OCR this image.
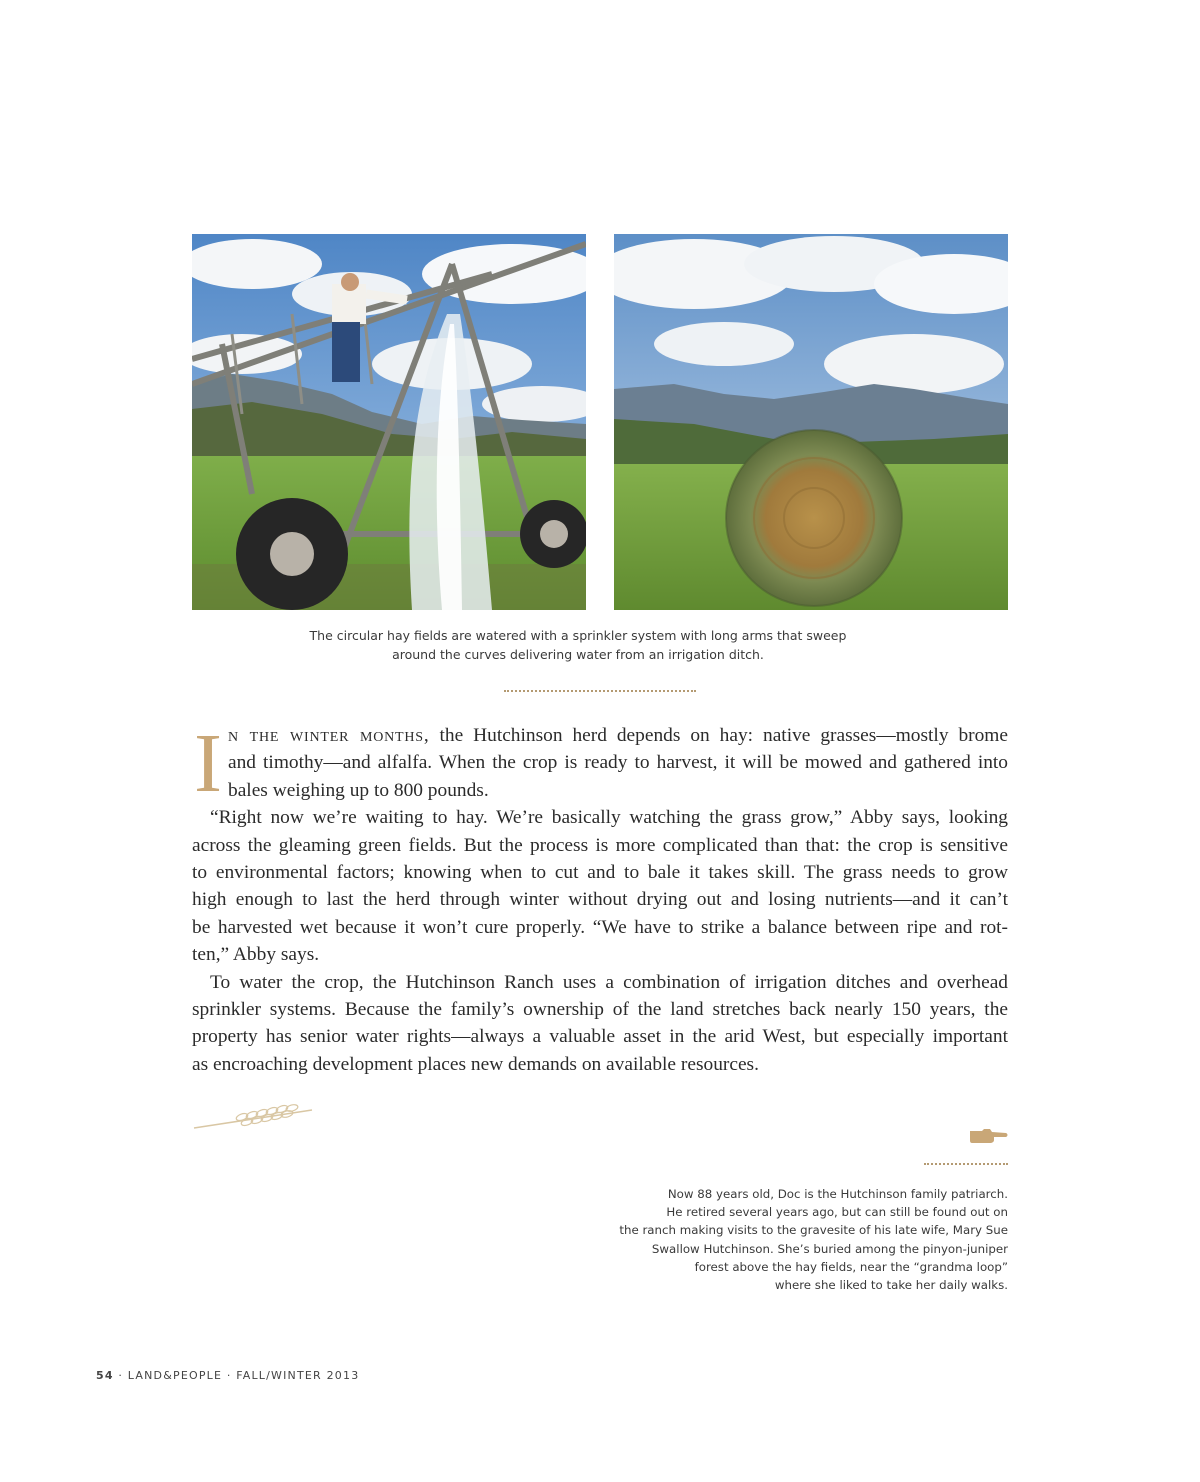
The circular hay fields are watered with a sprinkler system with long arms that sweep
around the curves delivering water from an irrigation ditch.
I n the winter months, the Hutchinson herd depends on hay: native grasses—mostly brome
and timothy—and alfalfa. When the crop is ready to harvest, it will be mowed and gathered into
bales weighing up to 800 pounds.
“Right now we’re waiting to hay. We’re basically watching the grass grow,” Abby says, looking
across the gleaming green fields. But the process is more complicated than that: the crop is sensitive
to environmental factors; knowing when to cut and to bale it takes skill. The grass needs to grow
high enough to last the herd through winter without drying out and losing nutrients—and it can’t
be harvested wet because it won’t cure properly. “We have to strike a balance between ripe and rot-
ten,” Abby says.
To water the crop, the Hutchinson Ranch uses a combination of irrigation ditches and overhead
sprinkler systems. Because the family’s ownership of the land stretches back nearly 150 years, the
property has senior water rights—always a valuable asset in the arid West, but especially important
as encroaching development places new demands on available resources.
Now 88 years old, Doc is the Hutchinson family patriarch.
He retired several years ago, but can still be found out on
the ranch making visits to the gravesite of his late wife, Mary Sue
Swallow Hutchinson. She’s buried among the pinyon-juniper
forest above the hay fields, near the “grandma loop”
where she liked to take her daily walks.
54 · LAND&PEOPLE · FALL/WINTER 2013
